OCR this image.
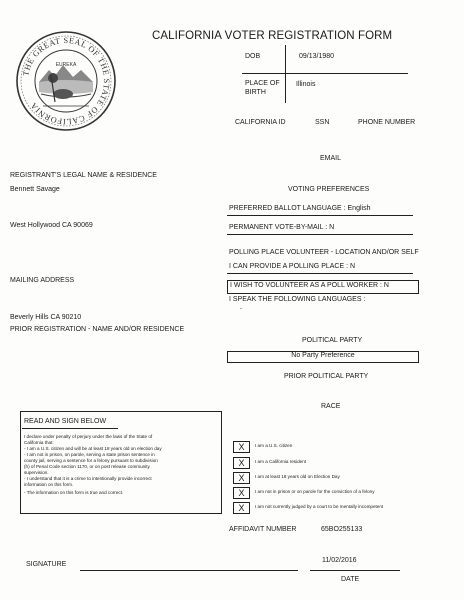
THE GREAT SEAL OF THE STATE OF CALIFORNIA
EUREKA
CALIFORNIA VOTER REGISTRATION FORM
DOB	09/13/1980
PLACE OF
BIRTH
Illinois
CALIFORNIA ID	SSN	PHONE NUMBER
EMAIL
REGISTRANT'S LEGAL NAME & RESIDENCE
Bennett Savage
West Hollywood CA 90069
MAILING ADDRESS
Beverly Hills CA 90210
PRIOR REGISTRATION - NAME AND/OR RESIDENCE
VOTING PREFERENCES
PREFERRED BALLOT LANGUAGE : English
PERMANENT VOTE-BY-MAIL : N
POLLING PLACE VOLUNTEER - LOCATION AND/OR SELF
I CAN PROVIDE A POLLING PLACE : N
I WISH TO VOLUNTEER AS A POLL WORKER : N
I SPEAK THE FOLLOWING LANGUAGES :
-
POLITICAL PARTY
No Party Preference
PRIOR POLITICAL PARTY
RACE
READ AND SIGN BELOW
I declare under penalty of perjury under the laws of the State of
California that:
- I am a U.S. citizen and will be at least 18 years old on election day
- I am not in prison, on parole, serving a state prison sentence in
county jail, serving a sentence for a felony pursuant to subdivision
(h) of Penal Code section 1170, or on post release community
supervision.
- I understand that it is a crime to intentionally provide incorrect
information on this form.
- The information on this form is true and correct.
X	I am a U.S. citizen
X	I am a California resident
X	I am at least 18 years old on Election Day
X	I am not in prison or on parole for the conviction of a felony
X	I am not currently judged by a court to be mentally incompetent
AFFIDAVIT NUMBER	65BO255133
SIGNATURE
11/02/2016
DATE
